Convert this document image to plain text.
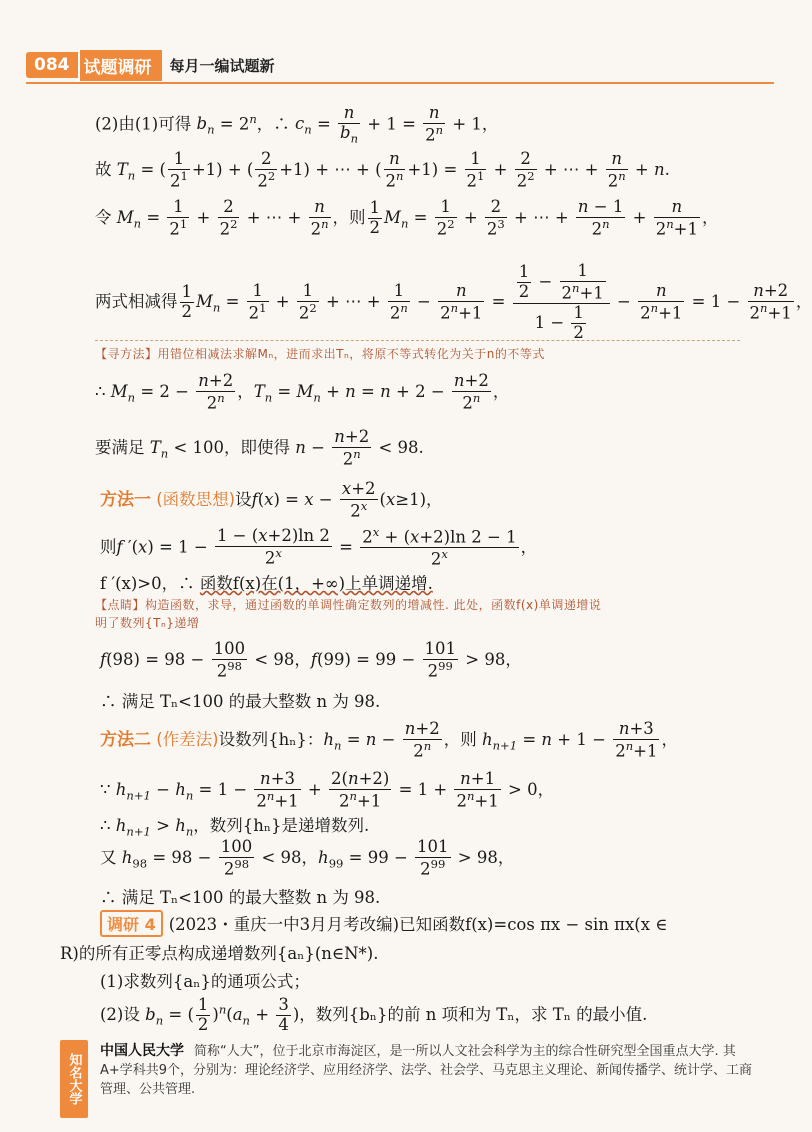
084 试题调研	每月一编试题新
(2)由(1)可得 $b_n = 2^n$，∴ $c_n = \frac{n}{b_n} + 1 = \frac{n}{2^n} + 1$，
故 $T_n$ = ( $\frac{1}{2^1} +1$) + ( $\frac{2}{2^2} +1$) + ⋯ + ( $\frac{n}{2^n} +1) = \frac{1}{2^1} + \frac{2}{2^2}$ + ⋯ + $\frac{n}{2^n} + n$.
令 $M_n = \frac{1}{2^1} + \frac{2}{2^2}$ + ⋯ + $\frac{n}{2^n}$ ，则 $\frac{1}{2} M_n = \frac{1}{2^2} + \frac{2}{2^3}$ + ⋯ + $\frac{n - 1}{2^n} + \frac{n}{2^n+1}$ ，
两式相减得 $\frac{1}{2} M_n = \frac{1}{2^1} + \frac{1}{2^2}$ + ⋯ + $\frac{1}{2^n} - \frac{n}{2^n+1} = \frac{\frac{1}{2} - \frac{1}{2^n+1}}{1 - \frac{1}{2}} - \frac{n}{2^n+1} = 1 - \frac{n+2}{2^n+1}$ ，
【寻方法】用错位相减法求解Mₙ，进而求出Tₙ，将原不等式转化为关于n的不等式
∴ $M_n = 2 - \frac{n+2}{2^n}$ ，$T_n = M_n + n = n + 2 - \frac{n+2}{2^n}$ ，
要满足 $T_n < 100$，即使得 $n - \frac{n+2}{2^n} < 98$.
方法一 (函数思想)设$f(x) = x - \frac{x+2}{2^x} (x\ge 1)$，
则f $'(x) = 1 - \frac{1 - (x+2)\ln 2}{2^x} = \frac{2^x + (x+2)\ln 2 - 1}{2^x}$ ，
f ′(x)>0，∴ 函数f(x)在(1，+∞)上单调递增.
【点睛】构造函数，求导，通过函数的单调性确定数列的增减性. 此处，函数f(x)单调递增说
明了数列{Tₙ}递增
$f(98) = 98 - \frac{100}{2^{98}} < 98$，$f(99) = 99 - \frac{101}{2^{99}} > 98$，
∴ 满足 Tₙ<100 的最大整数 n 为 98.
方法二 (作差法)设数列{hₙ}：$h_n = n - \frac{n+2}{2^n}$ ，则 $h_{n+1} = n + 1 - \frac{n+3}{2^n+1}$ ，
∵ $h_{n+1} - h_n = 1 - \frac{n+3}{2^n+1} + \frac{2(n+2)}{2^n+1} = 1 + \frac{n+1}{2^n+1} > 0$，
∴ $h_{n+1} > h_n$，数列{hₙ}是递增数列.
又 $h_{98} = 98 - \frac{100}{2^{98}} < 98$，$h_{99} = 99 - \frac{101}{2^{99}} > 98$，
∴ 满足 Tₙ<100 的最大整数 n 为 98.
调研 4 (2023・重庆一中3月月考改编)已知函数f(x)=cos πx − sin πx(x ∈
R)的所有正零点构成递增数列{aₙ}(n∈N*).
(1)求数列{aₙ}的通项公式；
(2)设 $b_n$ = ( $\frac{1}{2} )^n(a_n + \frac{3}{4}$ )，数列{bₙ}的前 n 项和为 Tₙ，求 Tₙ 的最小值.
知名大学
中国人民大学 简称“人大”，位于北京市海淀区，是一所以人文社会科学为主的综合性研究型全国重点大学. 其A+学科共9个，分别为：理论经济学、应用经济学、法学、社会学、马克思主义理论、新闻传播学、统计学、工商管理、公共管理.
